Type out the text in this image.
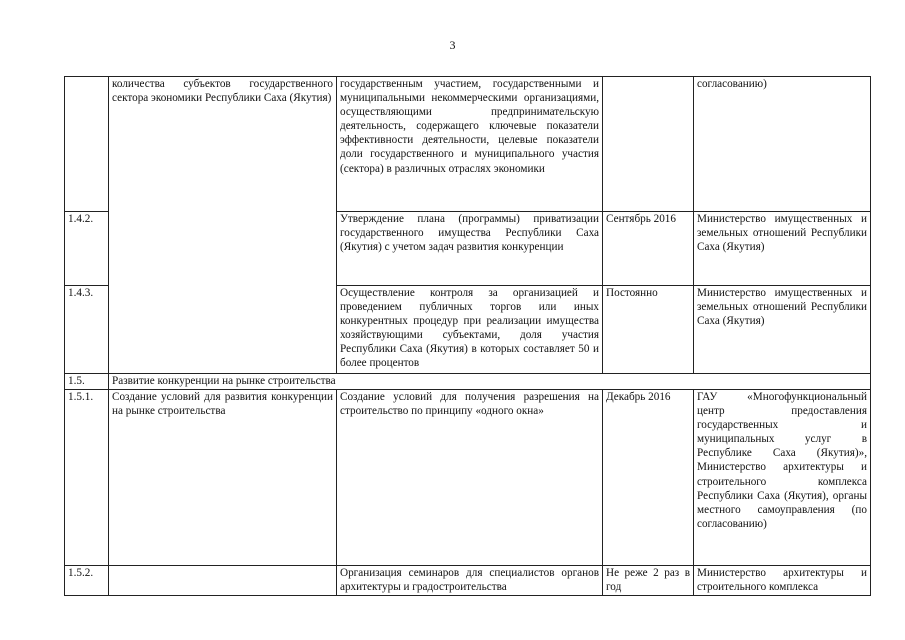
3
	количества субъектов государственного сектора экономики Республики Саха (Якутия)	государственным участием, государственными и муниципальными некоммерческими организациями, осуществляющими предпринимательскую деятельность, содержащего ключевые показатели эффективности деятельности, целевые показатели доли государственного и муниципального участия (сектора) в различных отраслях экономики		согласованию)
1.4.2.		Утверждение плана (программы) приватизации государственного имущества Республики Саха (Якутия) с учетом задач развития конкуренции	Сентябрь 2016	Министерство имущественных и земельных отношений Республики Саха (Якутия)
1.4.3.		Осуществление контроля за организацией и проведением публичных торгов или иных конкурентных процедур при реализации имущества хозяйствующими субъектами, доля участия Республики Саха (Якутия) в которых составляет 50 и более процентов	Постоянно	Министерство имущественных и земельных отношений Республики Саха (Якутия)
1.5.	Развитие конкуренции на рынке строительства			
1.5.1.	Создание условий для развития конкуренции на рынке строительства	Создание условий для получения разрешения на строительство по принципу «одного окна»	Декабрь 2016	ГАУ «Многофункциональный центр предоставления государственных и муниципальных услуг в Республике Саха (Якутия)», Министерство архитектуры и строительного комплекса Республики Саха (Якутия), органы местного самоуправления (по согласованию)
1.5.2.		Организация семинаров для специалистов органов архитектуры и градостроительства	Не реже 2 раз в год	Министерство архитектуры и строительного комплекса
